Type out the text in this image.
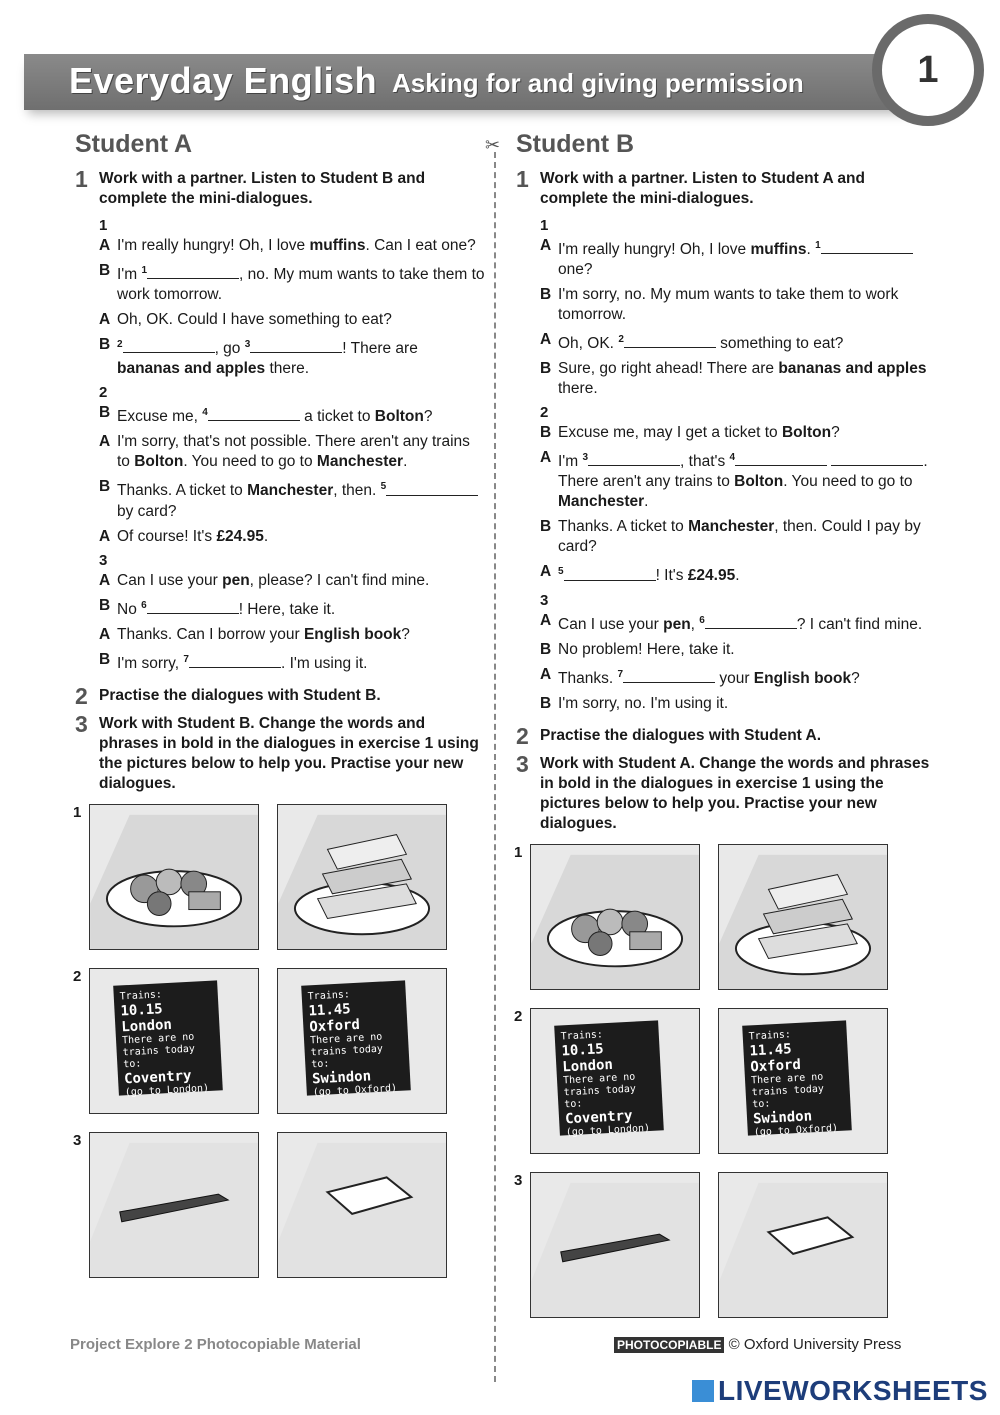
Everyday English Asking for and giving permission	1
✂
Student A
1 Work with a partner. Listen to Student B and complete the mini-dialogues.
1
A I'm really hungry! Oh, I love muffins. Can I eat one?
B I'm $^1$	, no. My mum wants to take them to work tomorrow.
A Oh, OK. Could I have something to eat?
B $^2$	, go $^3$	! There are bananas and apples there.
2
B Excuse me, $^4$	a ticket to Bolton?
A I'm sorry, that's not possible. There aren't any trains to Bolton. You need to go to Manchester.
B Thanks. A ticket to Manchester, then. $^5$ by card?
A Of course! It's £24.95.
3
A Can I use your pen, please? I can't find mine.
B No $^6$	! Here, take it.
A Thanks. Can I borrow your English book?
B I'm sorry, $^7$	. I'm using it.
2 Practise the dialogues with Student B.
3 Work with Student B. Change the words and phrases in bold in the dialogues in exercise 1 using the pictures below to help you. Practise your new dialogues.
1
2
Trains:
10.15 London
There are no trains today to:
Coventry
(go to London)
Trains:
11.45 Oxford
There are no trains today to:
Swindon
(go to Oxford)
3
Student B
1 Work with a partner. Listen to Student A and complete the mini-dialogues.
1
A I'm really hungry! Oh, I love muffins. $^1$ one?
B I'm sorry, no. My mum wants to take them to work tomorrow.
A Oh, OK. $^2$	something to eat?
B Sure, go right ahead! There are bananas and apples there.
2
B Excuse me, may I get a ticket to Bolton?
A I'm $^3$	, that's $^4$	. There aren't any trains to Bolton. You need to go to Manchester.
B Thanks. A ticket to Manchester, then. Could I pay by card?
A $^5$	! It's £24.95.
3
A Can I use your pen, $^6$	? I can't find mine.
B No problem! Here, take it.
A Thanks. $^7$	your English book?
B I'm sorry, no. I'm using it.
2 Practise the dialogues with Student A.
3 Work with Student A. Change the words and phrases in bold in the dialogues in exercise 1 using the pictures below to help you. Practise your new dialogues.
1
2
Trains:
10.15 London
There are no trains today to:
Coventry
(go to London)
Trains:
11.45 Oxford
There are no trains today to:
Swindon
(go to Oxford)
3
Project Explore 2 Photocopiable Material	PHOTOCOPIABLE © Oxford University Press
LIVEWORKSHEETS
